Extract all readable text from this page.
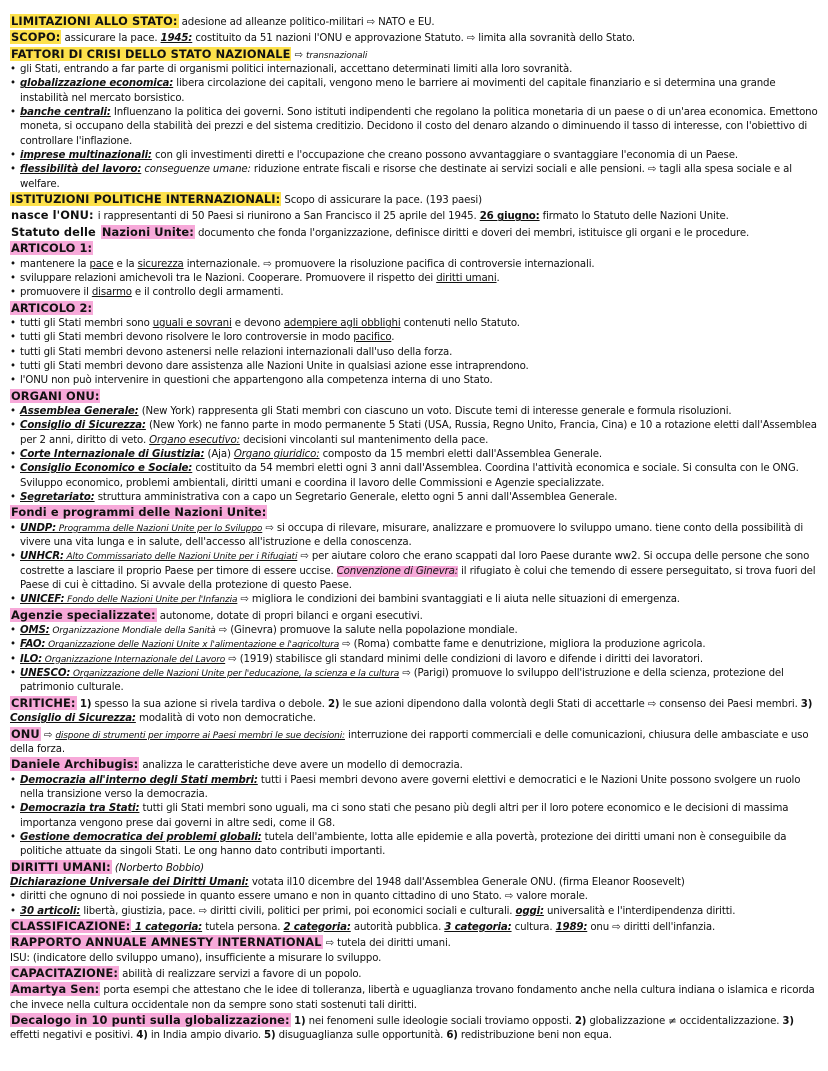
LIMITAZIONI ALLO STATO: adesione ad alleanze politico-militari ⇨ NATO e EU.

SCOPO: assicurare la pace. 1945: costituito da 51 nazioni l'ONU e approvazione Statuto. ⇨ limita alla sovranità dello Stato.

FATTORI DI CRISI DELLO STATO NAZIONALE ⇨ transnazionali

• gli Stati, entrando a far parte di organismi politici internazionali, accettano determinati limiti alla loro sovranità.

• globalizzazione economica: libera circolazione dei capitali, vengono meno le barriere ai movimenti del capitale finanziario e si determina una grande instabilità nel mercato borsistico.

• banche centrali: Influenzano la politica dei governi. Sono istituti indipendenti che regolano la politica monetaria di un paese o di un'area economica. Emettono moneta, si occupano della stabilità dei prezzi e del sistema creditizio. Decidono il costo del denaro alzando o diminuendo il tasso di interesse, con l'obiettivo di controllare l'inflazione.

• imprese multinazionali: con gli investimenti diretti e l'occupazione che creano possono avvantaggiare o svantaggiare l'economia di un Paese.

• flessibilità del lavoro: conseguenze umane: riduzione entrate fiscali e risorse che destinate ai servizi sociali e alle pensioni. ⇨ tagli alla spesa sociale e al welfare.

ISTITUZIONI POLITICHE INTERNAZIONALI: Scopo di assicurare la pace. (193 paesi)

nasce l'ONU: i rappresentanti di 50 Paesi si riunirono a San Francisco il 25 aprile del 1945. 26 giugno: firmato lo Statuto delle Nazioni Unite.

Statuto delle Nazioni Unite: documento che fonda l'organizzazione, definisce diritti e doveri dei membri, istituisce gli organi e le procedure.

ARTICOLO 1:

• mantenere la pace e la sicurezza internazionale. ⇨ promuovere la risoluzione pacifica di controversie internazionali.

• sviluppare relazioni amichevoli tra le Nazioni. Cooperare. Promuovere il rispetto dei diritti umani.

• promuovere il disarmo e il controllo degli armamenti.

ARTICOLO 2:

• tutti gli Stati membri sono uguali e sovrani e devono adempiere agli obblighi contenuti nello Statuto.

• tutti gli Stati membri devono risolvere le loro controversie in modo pacifico.

• tutti gli Stati membri devono astenersi nelle relazioni internazionali dall'uso della forza.

• tutti gli Stati membri devono dare assistenza alle Nazioni Unite in qualsiasi azione esse intraprendono.

• l'ONU non può intervenire in questioni che appartengono alla competenza interna di uno Stato.

ORGANI ONU:

• Assemblea Generale: (New York) rappresenta gli Stati membri con ciascuno un voto. Discute temi di interesse generale e formula risoluzioni.

• Consiglio di Sicurezza: (New York) ne fanno parte in modo permanente 5 Stati (USA, Russia, Regno Unito, Francia, Cina) e 10 a rotazione eletti dall'Assemblea per 2 anni, diritto di veto. Organo esecutivo: decisioni vincolanti sul mantenimento della pace.

• Corte Internazionale di Giustizia: (Aja) Organo giuridico: composto da 15 membri eletti dall'Assemblea Generale.

• Consiglio Economico e Sociale: costituito da 54 membri eletti ogni 3 anni dall'Assemblea. Coordina l'attività economica e sociale. Si consulta con le ONG. Sviluppo economico, problemi ambientali, diritti umani e coordina il lavoro delle Commissioni e Agenzie specializzate.

• Segretariato: struttura amministrativa con a capo un Segretario Generale, eletto ogni 5 anni dall'Assemblea Generale.

Fondi e programmi delle Nazioni Unite:

• UNDP: Programma delle Nazioni Unite per lo Sviluppo ⇨ si occupa di rilevare, misurare, analizzare e promuovere lo sviluppo umano. tiene conto della possibilità di vivere una vita lunga e in salute, dell'accesso all'istruzione e della conoscenza.

• UNHCR: Alto Commissariato delle Nazioni Unite per i Rifugiati ⇨ per aiutare coloro che erano scappati dal loro Paese durante ww2. Si occupa delle persone che sono costrette a lasciare il proprio Paese per timore di essere uccise. Convenzione di Ginevra: il rifugiato è colui che temendo di essere perseguitato, si trova fuori del Paese di cui è cittadino. Si avvale della protezione di questo Paese.

• UNICEF: Fondo delle Nazioni Unite per l'Infanzia ⇨ migliora le condizioni dei bambini svantaggiati e li aiuta nelle situazioni di emergenza.

Agenzie specializzate: autonome, dotate di propri bilanci e organi esecutivi.

• OMS: Organizzazione Mondiale della Sanità ⇨ (Ginevra) promuove la salute nella popolazione mondiale.

• FAO: Organizzazione delle Nazioni Unite x l'alimentazione e l'agricoltura ⇨ (Roma) combatte fame e denutrizione, migliora la produzione agricola.

• ILO: Organizzazione Internazionale del Lavoro ⇨ (1919) stabilisce gli standard minimi delle condizioni di lavoro e difende i diritti dei lavoratori.

• UNESCO: Organizzazione delle Nazioni Unite per l'educazione, la scienza e la cultura ⇨ (Parigi) promuove lo sviluppo dell'istruzione e della scienza, protezione del patrimonio culturale.

CRITICHE: 1) spesso la sua azione si rivela tardiva o debole. 2) le sue azioni dipendono dalla volontà degli Stati di accettarle ⇨ consenso dei Paesi membri. 3) Consiglio di Sicurezza: modalità di voto non democratiche.

ONU ⇨ dispone di strumenti per imporre ai Paesi membri le sue decisioni: interruzione dei rapporti commerciali e delle comunicazioni, chiusura delle ambasciate e uso della forza.

Daniele Archibugis: analizza le caratteristiche deve avere un modello di democrazia.

• Democrazia all'interno degli Stati membri: tutti i Paesi membri devono avere governi elettivi e democratici e le Nazioni Unite possono svolgere un ruolo nella transizione verso la democrazia.

• Democrazia tra Stati: tutti gli Stati membri sono uguali, ma ci sono stati che pesano più degli altri per il loro potere economico e le decisioni di massima importanza vengono prese dai governi in altre sedi, come il G8.

• Gestione democratica dei problemi globali: tutela dell'ambiente, lotta alle epidemie e alla povertà, protezione dei diritti umani non è conseguibile da politiche attuate da singoli Stati. Le ong hanno dato contributi importanti.

DIRITTI UMANI: (Norberto Bobbio)

Dichiarazione Universale dei Diritti Umani: votata il10 dicembre del 1948 dall'Assemblea Generale ONU. (firma Eleanor Roosevelt)

• diritti che ognuno di noi possiede in quanto essere umano e non in quanto cittadino di uno Stato. ⇨ valore morale.

• 30 articoli: libertà, giustizia, pace. ⇨ diritti civili, politici per primi, poi economici sociali e culturali. oggi: universalità e l'interdipendenza diritti.

CLASSIFICAZIONE: 1 categoria: tutela persona. 2 categoria: autorità pubblica. 3 categoria: cultura. 1989: onu ⇨ diritti dell'infanzia.

RAPPORTO ANNUALE AMNESTY INTERNATIONAL ⇨ tutela dei diritti umani.

ISU: (indicatore dello sviluppo umano), insufficiente a misurare lo sviluppo.

CAPACITAZIONE: abilità di realizzare servizi a favore di un popolo.

Amartya Sen: porta esempi che attestano che le idee di tolleranza, libertà e uguaglianza trovano fondamento anche nella cultura indiana o islamica e ricorda che invece nella cultura occidentale non da sempre sono stati sostenuti tali diritti.

Decalogo in 10 punti sulla globalizzazione: 1) nei fenomeni sulle ideologie sociali troviamo opposti. 2) globalizzazione ≠ occidentalizzazione. 3) effetti negativi e positivi. 4) in India ampio divario. 5) disuguaglianza sulle opportunità. 6) redistribuzione beni non equa.
